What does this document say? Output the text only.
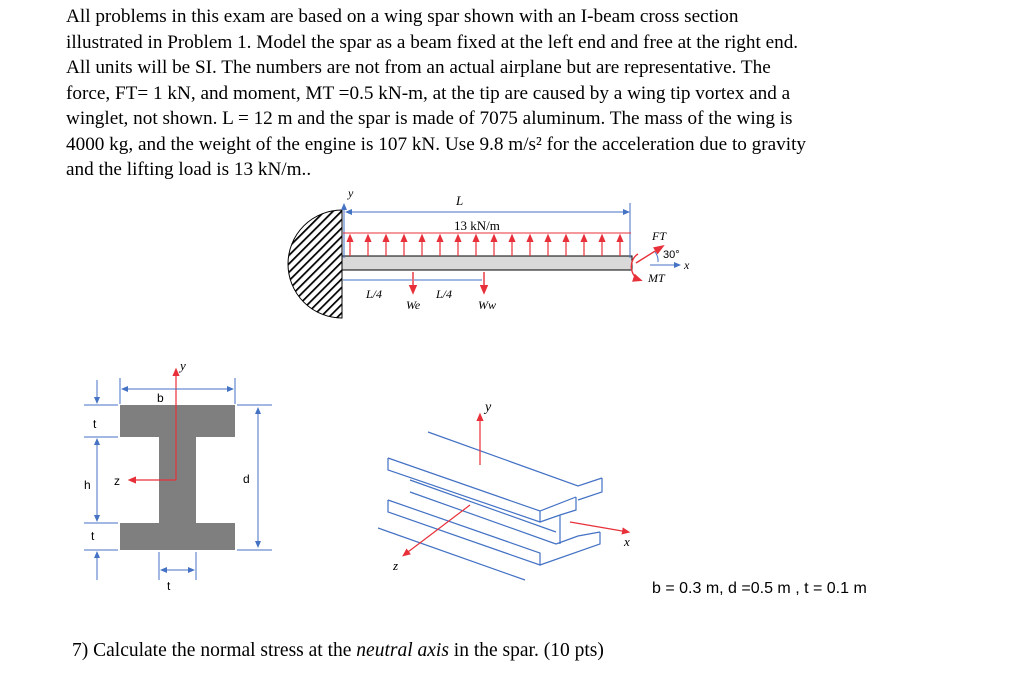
All problems in this exam are based on a wing spar shown with an I-beam cross section
illustrated in Problem 1. Model the spar as a beam fixed at the left end and free at the right end.
All units will be SI. The numbers are not from an actual airplane but are representative. The
force, FT= 1 kN, and moment, MT =0.5 kN-m, at the tip are caused by a wing tip vortex and a
winglet, not shown. L = 12 m and the spar is made of 7075 aluminum. The mass of the wing is
4000 kg, and the weight of the engine is 107 kN. Use 9.8 m/s² for the acceleration due to gravity
and the lifting load is 13 kN/m..
y	L
13 kN/m
FT
30°
x
MT
L/4	L/4
We	Ww
y
z
b
t
h
t
d
t
y
x
z
b = 0.3 m, d =0.5 m , t = 0.1 m
7) Calculate the normal stress at the neutral axis in the spar. (10 pts)
